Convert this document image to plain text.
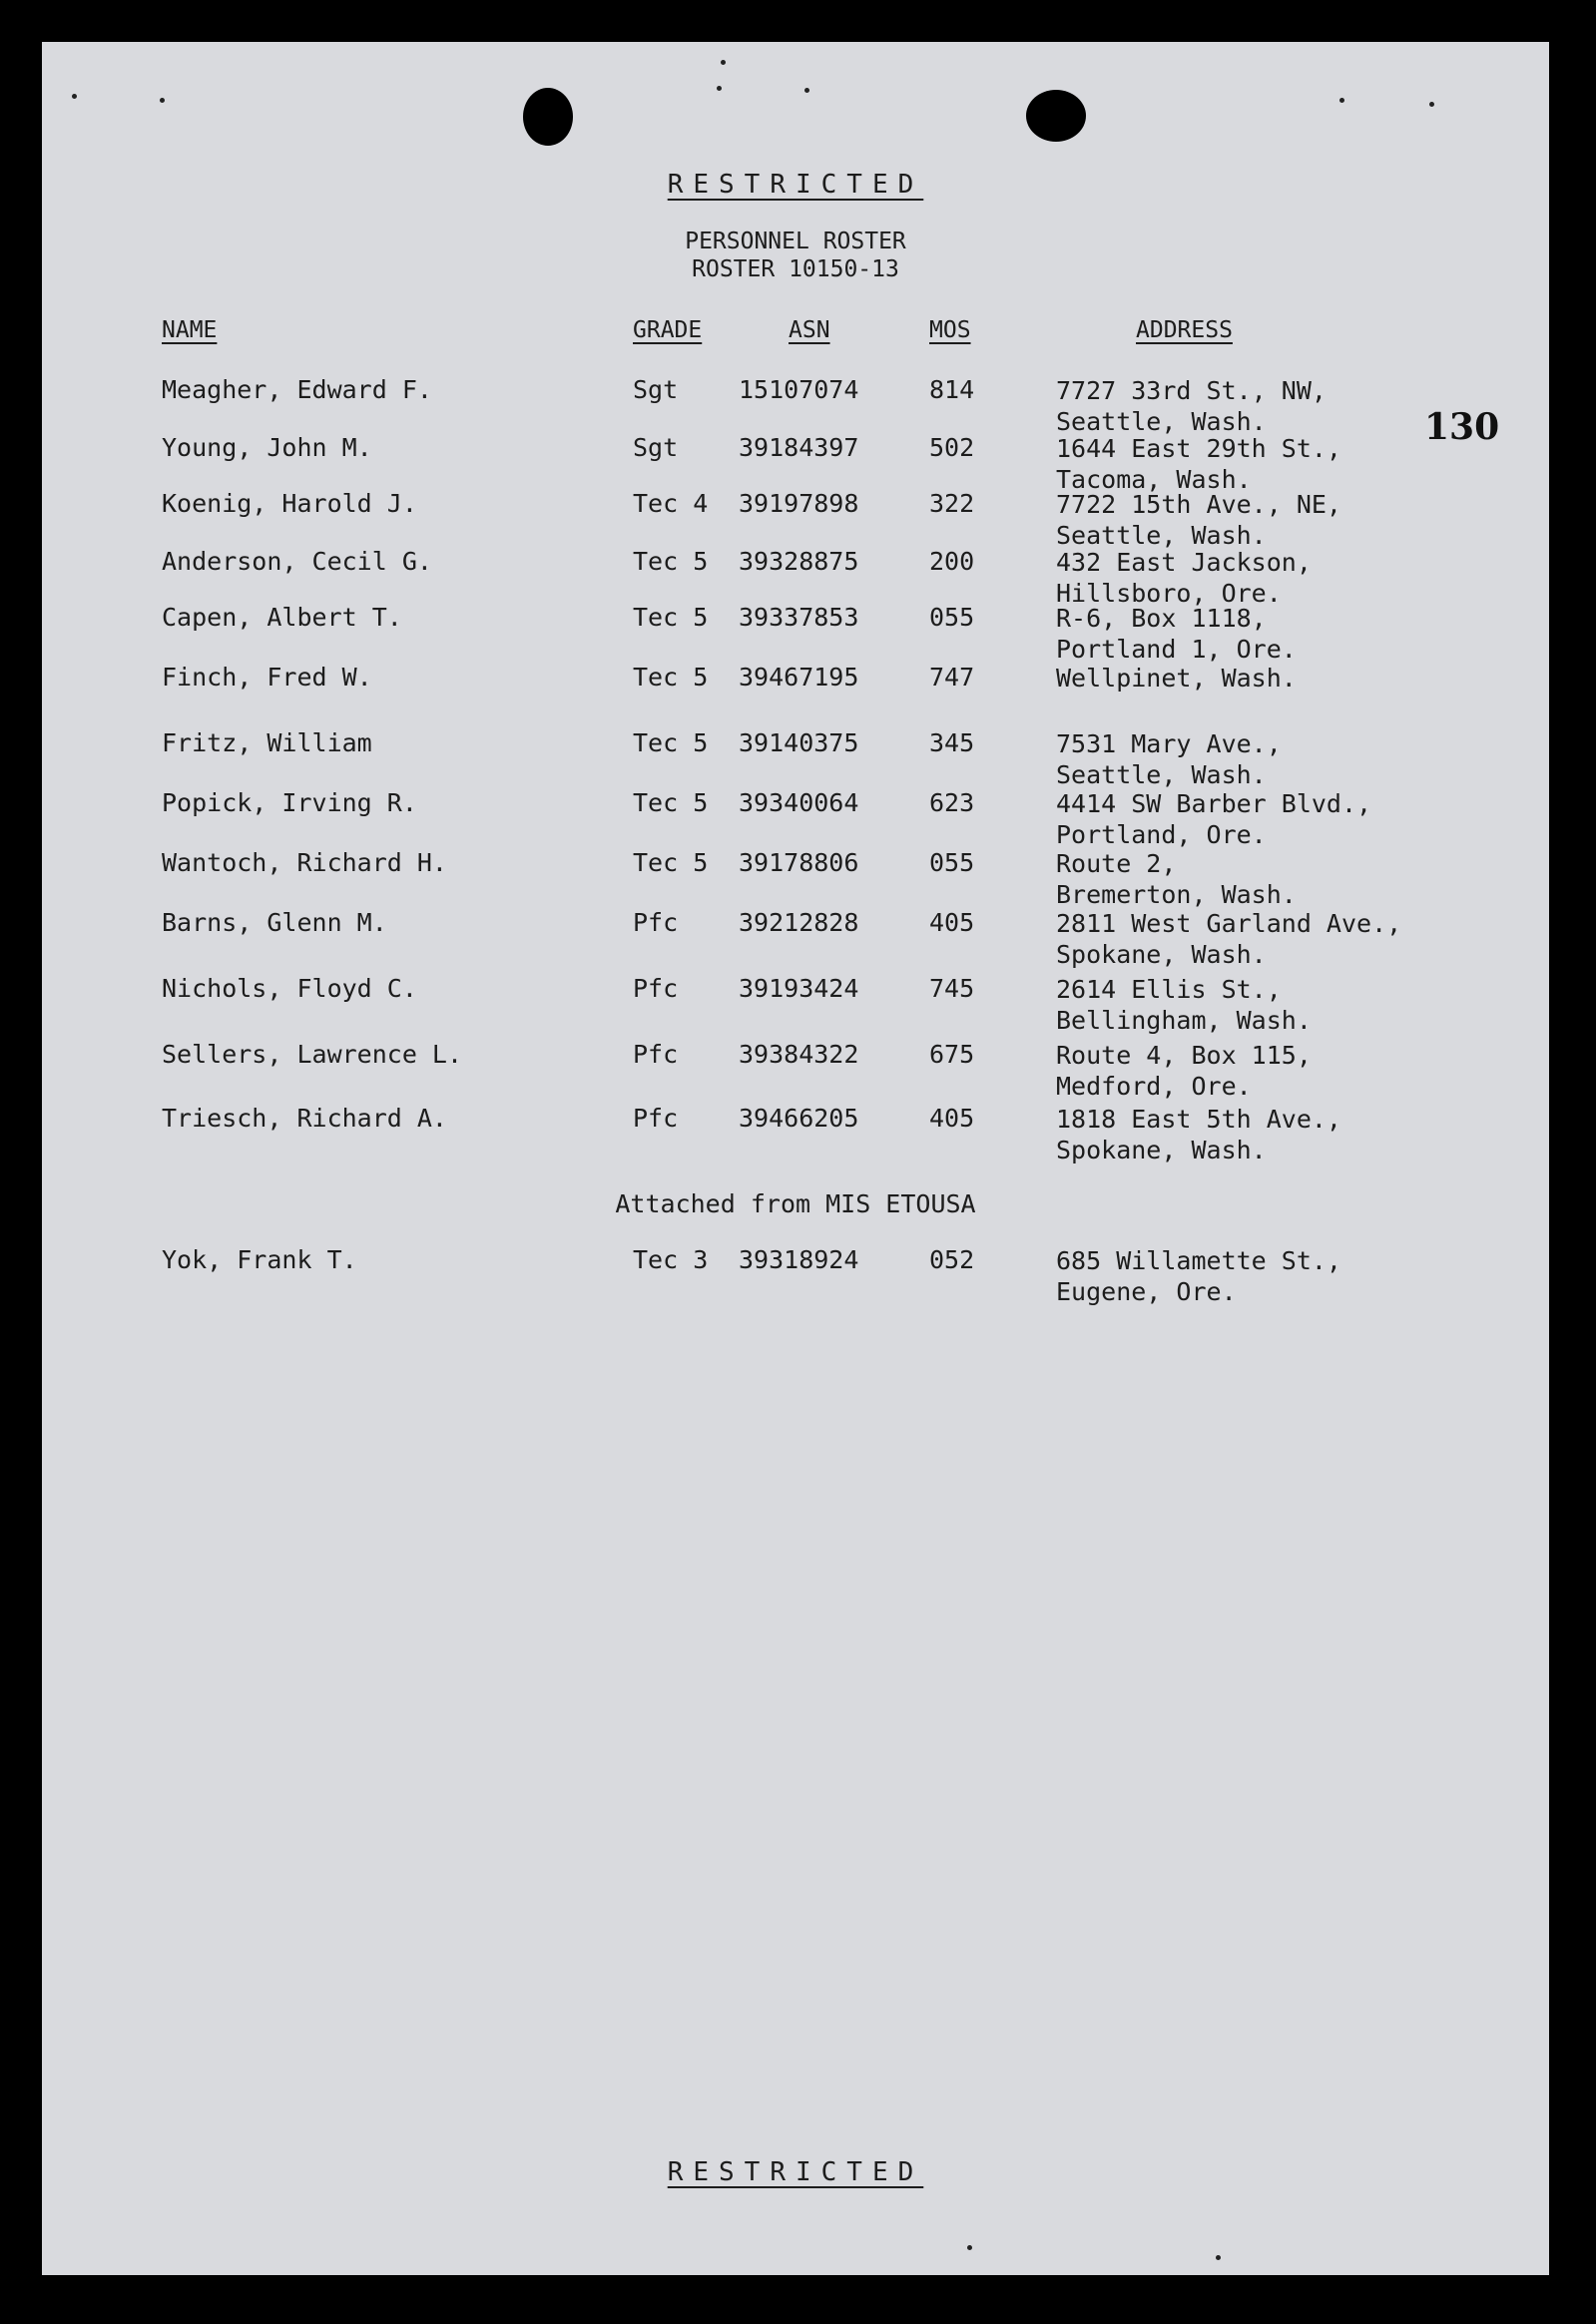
RESTRICTED
PERSONNEL ROSTER
ROSTER 10150-13
130
NAME	GRADE	ASN	MOS	ADDRESS
Meagher, Edward F.	Sgt 15107074	814	7727 33rd St., NW,
Seattle, Wash.
Young, John M.	Sgt 39184397	502	1644 East 29th St.,
Tacoma, Wash.
Koenig, Harold J.	Tec 4 39197898	322	7722 15th Ave., NE,
Seattle, Wash.
Anderson, Cecil G.	Tec 5 39328875	200	432 East Jackson,
Hillsboro, Ore.
Capen, Albert T.	Tec 5 39337853	055	R-6, Box 1118,
Portland 1, Ore.
Finch, Fred W.	Tec 5 39467195	747	Wellpinet, Wash.

Fritz, William	Tec 5 39140375	345	7531 Mary Ave.,
Seattle, Wash.
Popick, Irving R.	Tec 5 39340064	623	4414 SW Barber Blvd.,
Portland, Ore.
Wantoch, Richard H.	Tec 5 39178806	055	Route 2,
Bremerton, Wash.
Barns, Glenn M.	Pfc 39212828	405	2811 West Garland Ave.,
Spokane, Wash.
Nichols, Floyd C.	Pfc 39193424	745	2614 Ellis St.,
Bellingham, Wash.
Sellers, Lawrence L.	Pfc 39384322	675	Route 4, Box 115,
Medford, Ore.
Triesch, Richard A.	Pfc 39466205	405	1818 East 5th Ave.,
Spokane, Wash.
Attached from MIS ETOUSA
Yok, Frank T.	Tec 3 39318924	052	685 Willamette St.,
Eugene, Ore.
RESTRICTED
